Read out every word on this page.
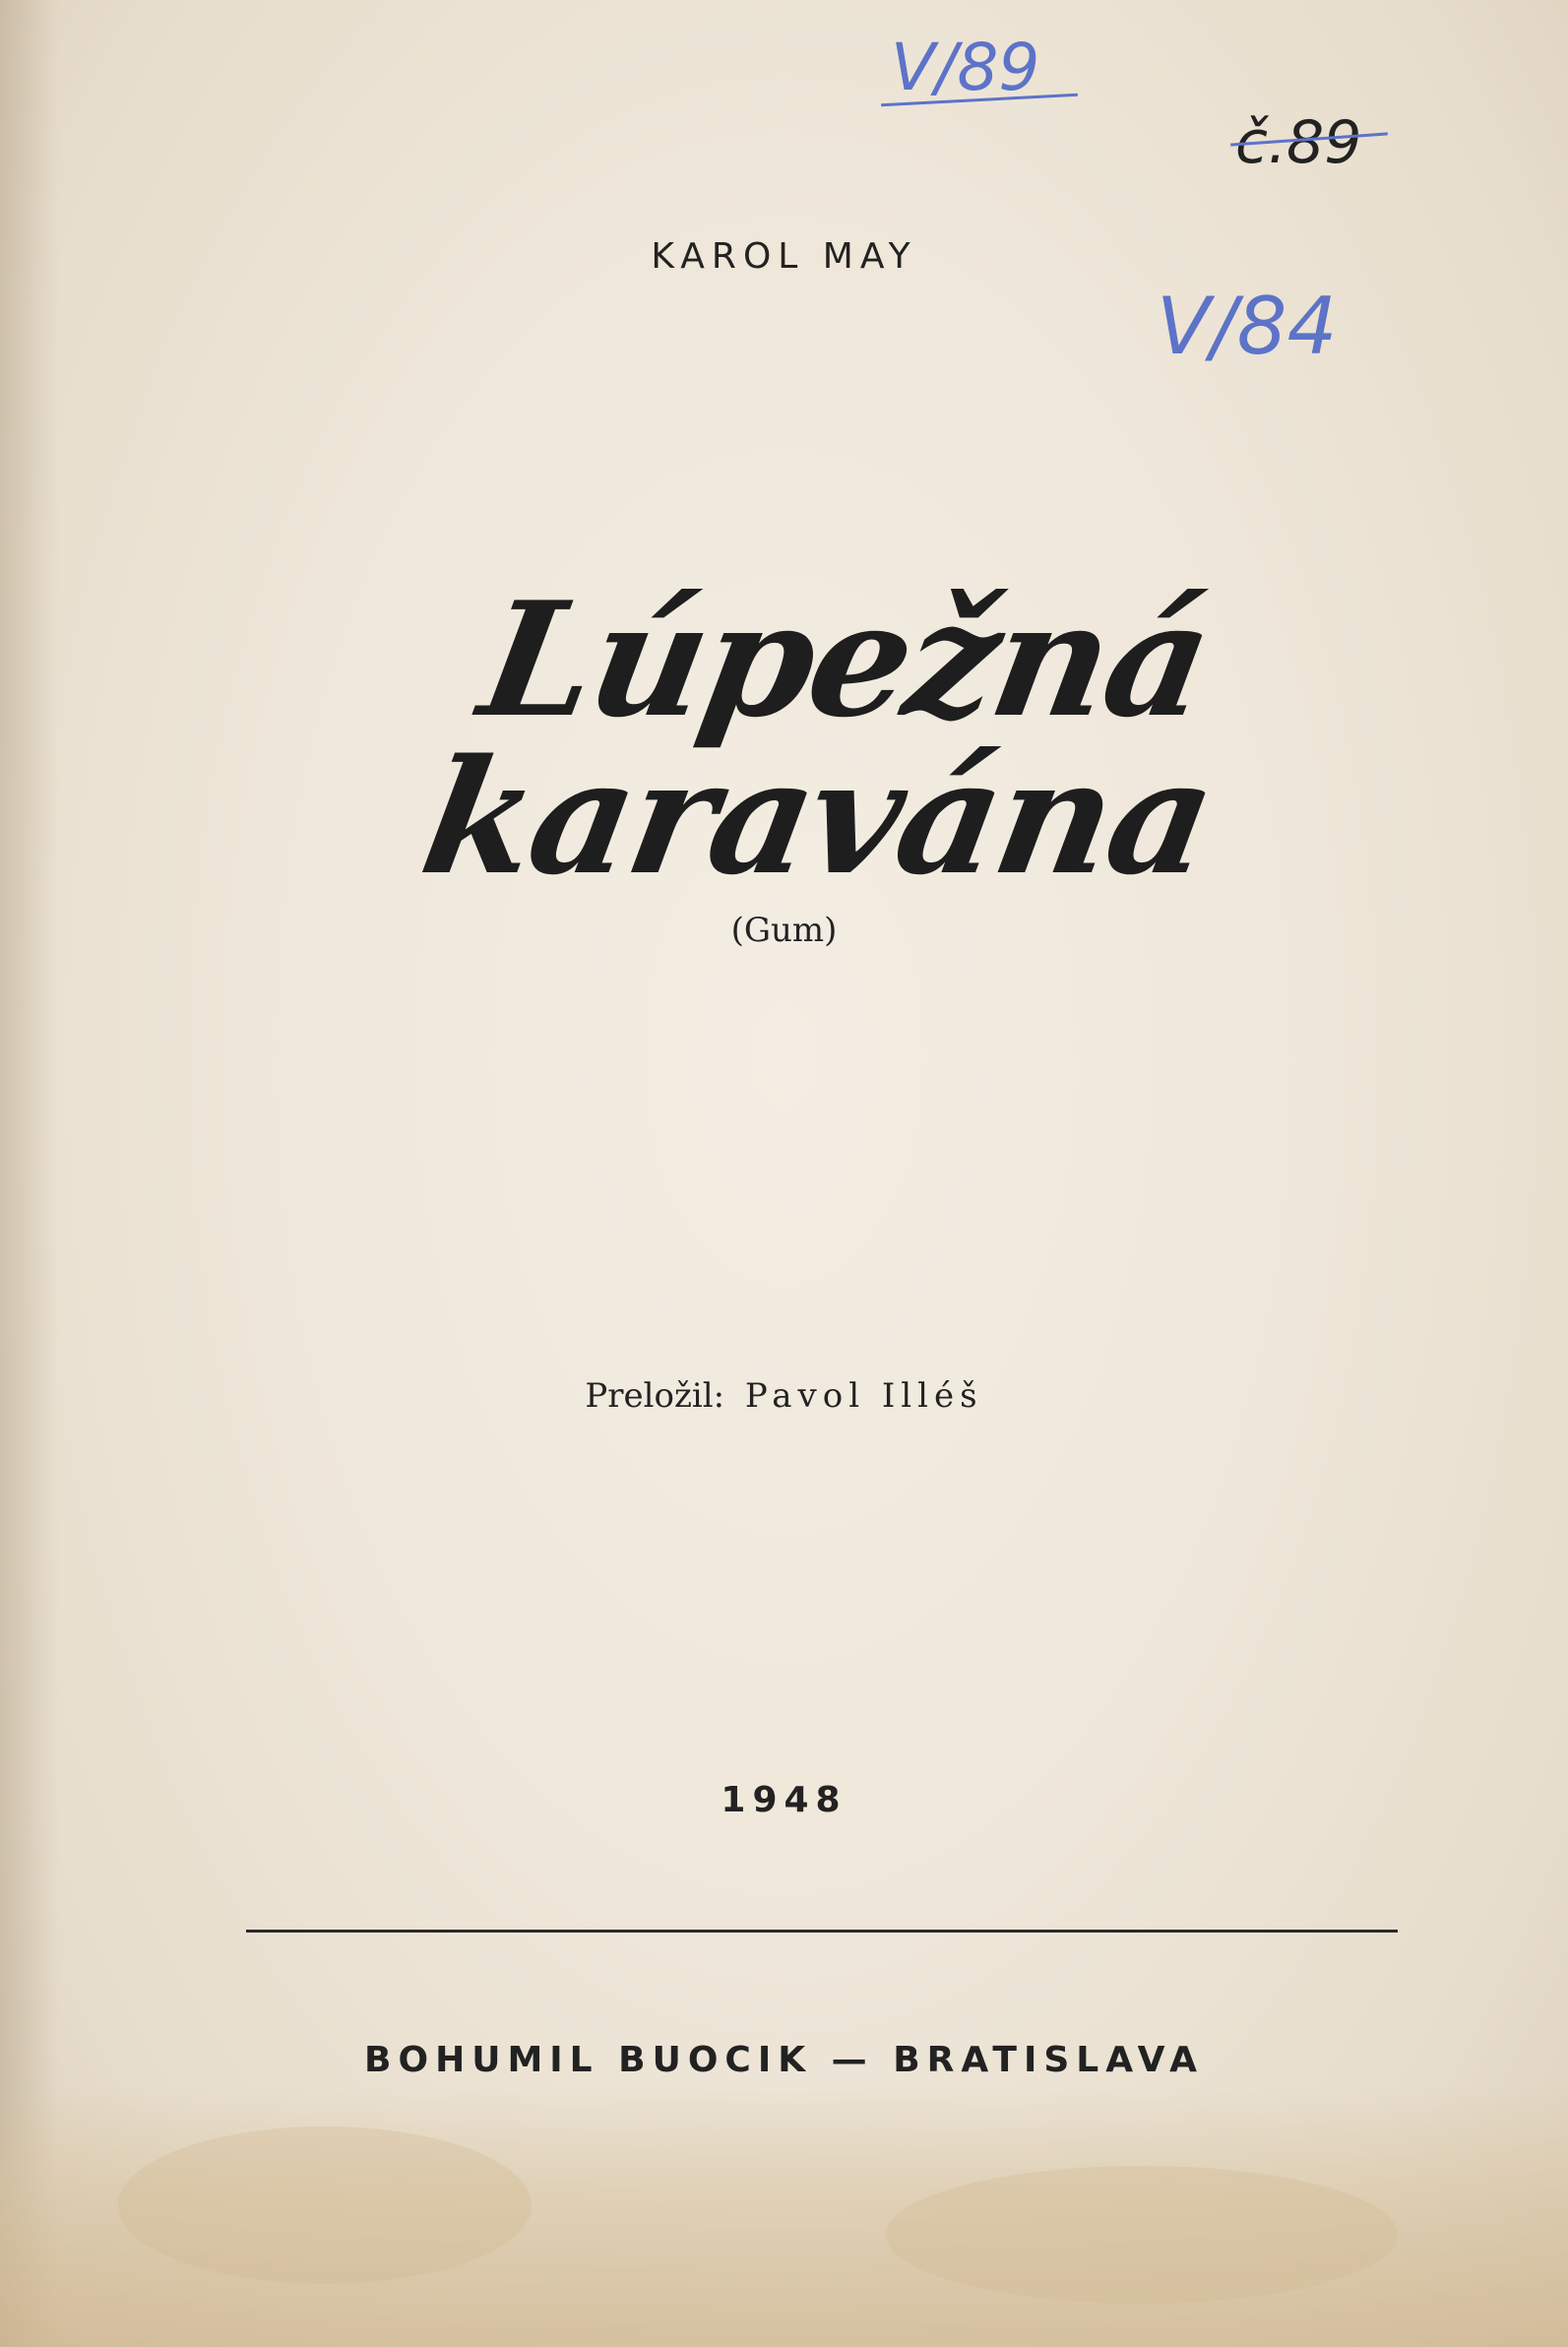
V/89
č.89
V/84
KAROL MAY
Lúpežná karavána
(Gum)
Preložil: Pavol Illéš
1948
BOHUMIL BUOCIK — BRATISLAVA
